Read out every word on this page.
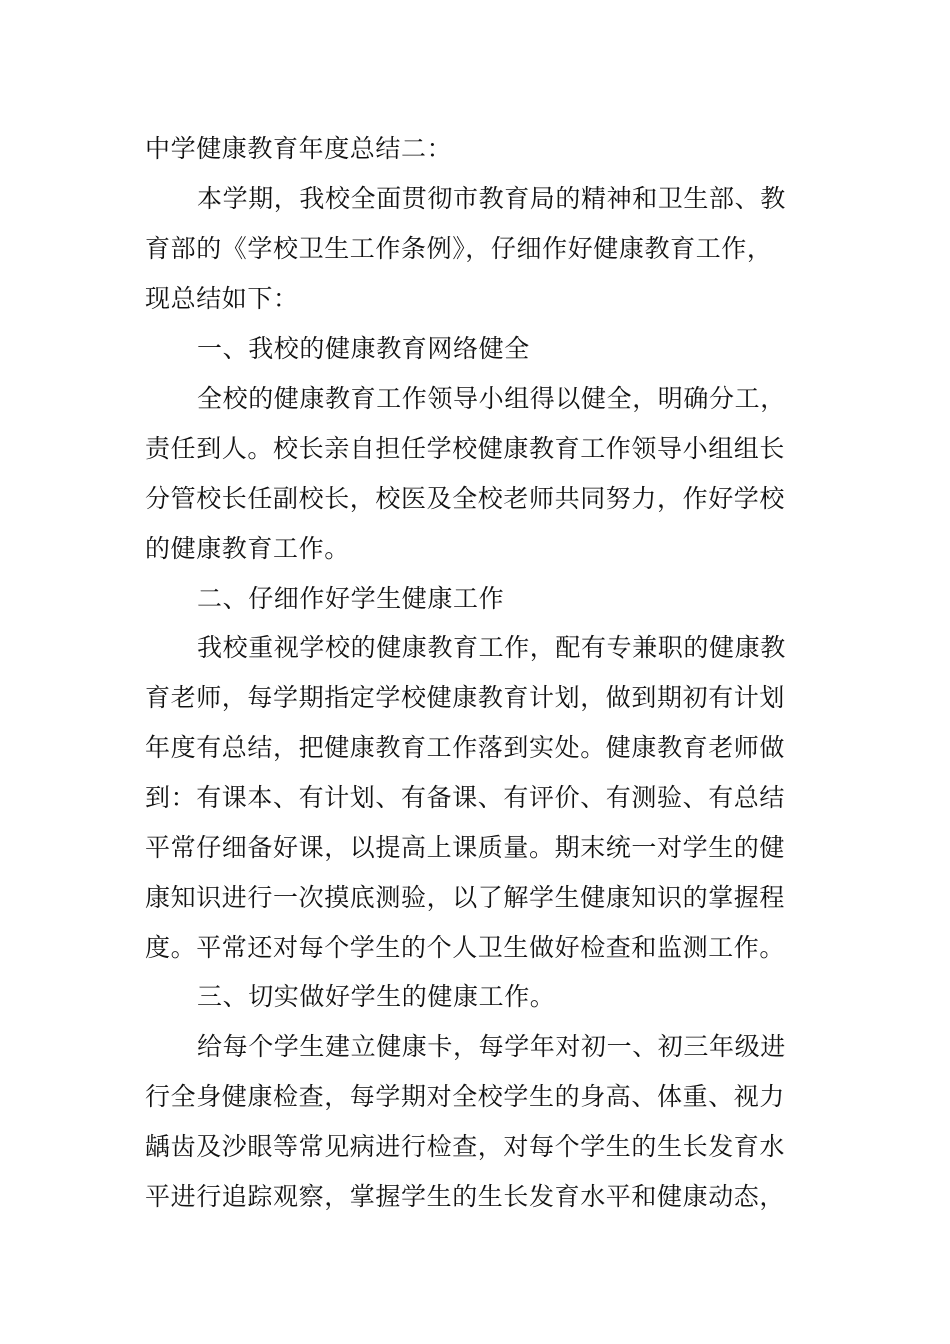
中学健康教育年度总结二：
本学期，我校全面贯彻市教育局的精神和卫生部、教
育部的《学校卫生工作条例》，仔细作好健康教育工作，
现总结如下：
一、我校的健康教育网络健全
全校的健康教育工作领导小组得以健全，明确分工，
责任到人。校长亲自担任学校健康教育工作领导小组组长
分管校长任副校长，校医及全校老师共同努力，作好学校
的健康教育工作。
二、仔细作好学生健康工作
我校重视学校的健康教育工作，配有专兼职的健康教
育老师，每学期指定学校健康教育计划，做到期初有计划
年度有总结，把健康教育工作落到实处。健康教育老师做
到：有课本、有计划、有备课、有评价、有测验、有总结
平常仔细备好课，以提高上课质量。期末统一对学生的健
康知识进行一次摸底测验，以了解学生健康知识的掌握程
度。平常还对每个学生的个人卫生做好检查和监测工作。
三、切实做好学生的健康工作。
给每个学生建立健康卡，每学年对初一、初三年级进
行全身健康检查，每学期对全校学生的身高、体重、视力
龋齿及沙眼等常见病进行检查，对每个学生的生长发育水
平进行追踪观察，掌握学生的生长发育水平和健康动态，
